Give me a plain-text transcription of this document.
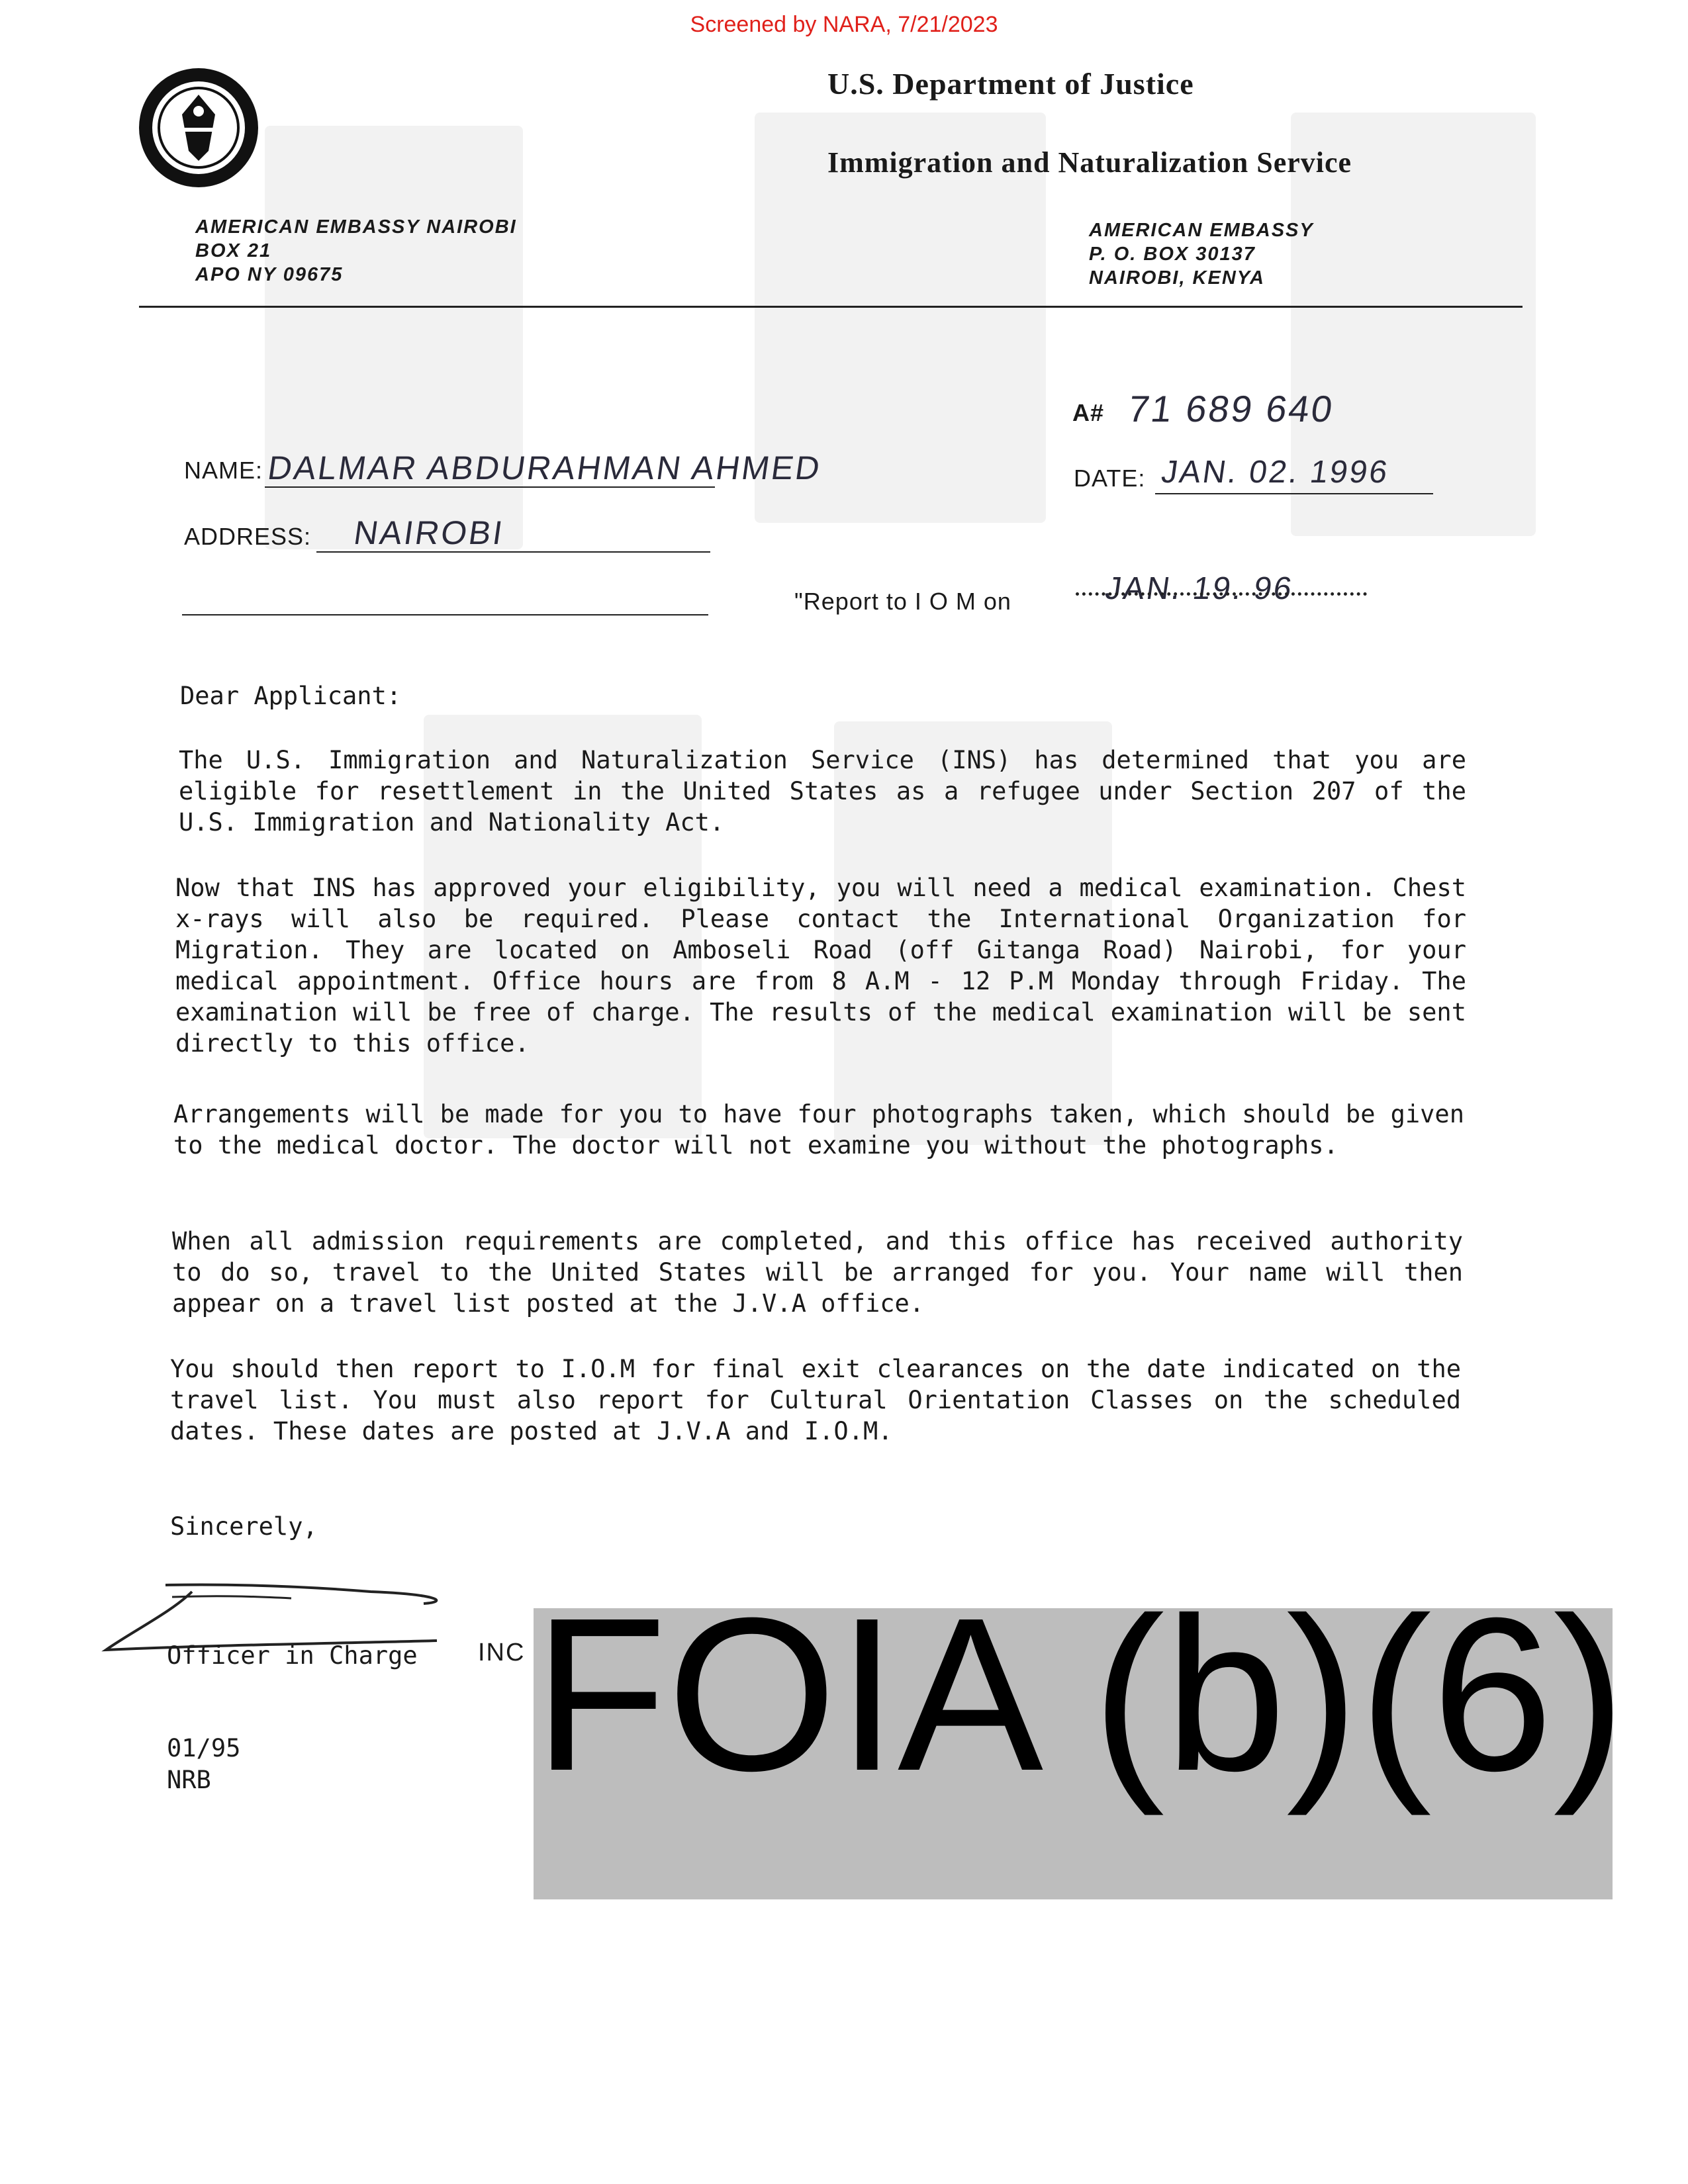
Screened by NARA, 7/21/2023
U.S. Department of Justice
Immigration and Naturalization Service
AMERICAN EMBASSY NAIROBI
BOX 21
APO NY 09675
AMERICAN EMBASSY
P. O. BOX 30137
NAIROBI, KENYA
A# 71 689 640
NAME: DALMAR ABDURAHMAN AHMED	DATE: JAN. 02. 1996
ADDRESS: NAIROBI
"Report to I O M on	JAN. 19. 96
Dear Applicant:
The U.S. Immigration and Naturalization Service (INS) has determined that you are eligible for resettlement in the United States as a refugee under Section 207 of the U.S. Immigration and Nationality Act.
Now that INS has approved your eligibility, you will need a medical examination. Chest x-rays will also be required. Please contact the International Organization for Migration. They are located on Amboseli Road (off Gitanga Road) Nairobi, for your medical appointment. Office hours are from 8 A.M - 12 P.M Monday through Friday. The examination will be free of charge. The results of the medical examination will be sent directly to this office.
Arrangements will be made for you to have four photographs taken, which should be given to the medical doctor. The doctor will not examine you without the photographs.
When all admission requirements are completed, and this office has received authority to do so, travel to the United States will be arranged for you. Your name will then appear on a travel list posted at the J.V.A office.
You should then report to I.O.M for final exit clearances on the date indicated on the travel list. You must also report for Cultural Orientation Classes on the scheduled dates. These dates are posted at J.V.A and I.O.M.
Sincerely,
Officer in Charge INC
01/95
NRB FOIA (b)(6)
